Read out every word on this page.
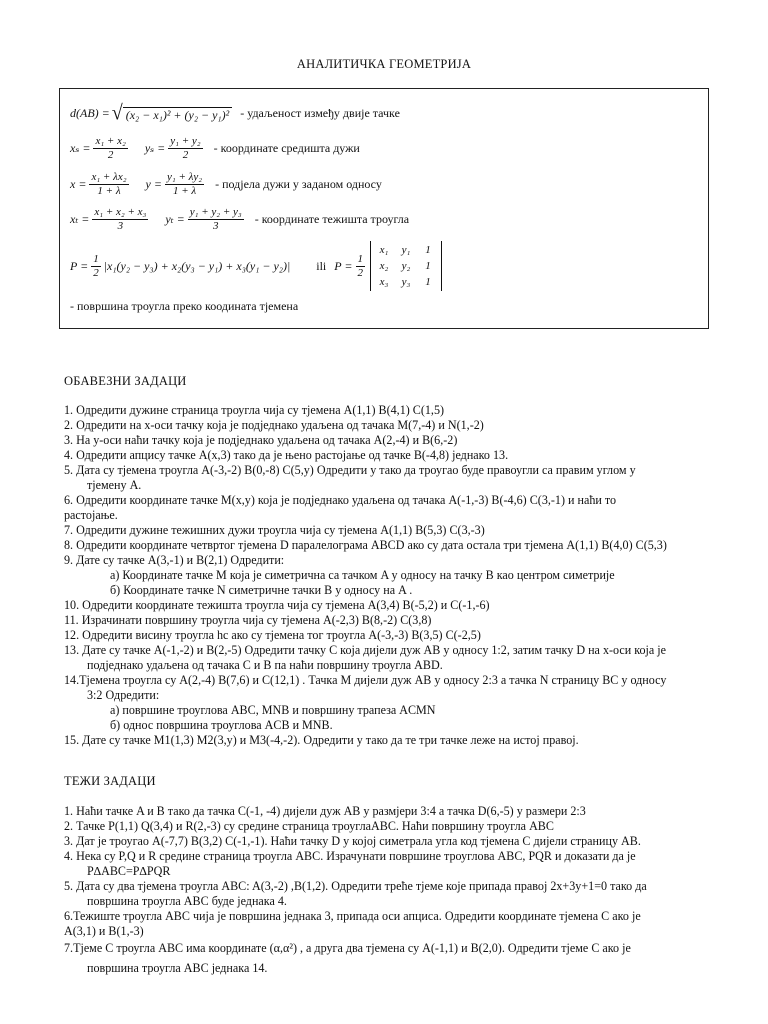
АНАЛИТИЧКА ГЕОМЕТРИЈА
d(AB) = √ (x₂ − x₁)² + (y₂ − y₁)² - удаљеност између двије тачке
$x_s = \frac{\text{x₁ + x₂}}{2}$ $y_s = \frac{\text{y₁ + y₂}}{2}$ - координате средишта дужи
$x = \frac{\text{x₁ + λx₂}}{1 + \lambda}$ $y = \frac{\text{y₁ + λy₂}}{1 + \lambda}$ - подјела дужи у заданом односу
$x_t = \frac{\text{x₁ + x₂ + x₃}}{3}$ $y_t = \frac{\text{y₁ + y₂ + y₃}}{3}$ - координате тежишта троугла
$P = \frac{1}{2} |x_1(y_2 - y_3) + x_2(y_3 - y_1) + x_3(y_1 - y_2)|$ ili $P = \frac{1}{2}$
x₁	y₁	1
x₂	y₂	1
x₃	y₃	1
- површина троугла преко коодината тјемена
ОБАВЕЗНИ ЗАДАЦИ
1. Одредити дужине страница троугла чија су тјемена A(1,1) B(4,1) C(1,5)
2. Одредити на x-оси тачку која је подједнако удаљена од тачака M(7,-4) и N(1,-2)
3. На y-оси наћи тачку која је подједнако удаљена од тачака A(2,-4) и B(6,-2)
4. Одредити апцису тачке A(x,3) тако да је њено растојање од тачке B(-4,8) једнако 13.
5. Дата су тјемена троугла A(-3,-2) B(0,-8) C(5,y) Одредити y тако да троугао буде правоугли са правим углом у
тјемену A.
6. Одредити координате тачке M(x,y) која је подједнако удаљена од тачака A(-1,-3) B(-4,6) C(3,-1) и наћи то
растојање.
7. Одредити дужине тежишних дужи троугла чија су тјемена A(1,1) B(5,3) C(3,-3)
8. Одредити координате четвртог тјемена D паралелограма ABCD ако су дата остала три тјемена A(1,1) B(4,0) C(5,3)
9. Дате су тачке A(3,-1) и B(2,1) Одредити:
а) Координате тачке M која је симетрична са тачком A у односу на тачку B као центром симетрије
б) Координате тачке N симетричне тачки B у односу на A .
10. Одредити координате тежишта троугла чија су тјемена A(3,4) B(-5,2) и C(-1,-6)
11. Израчинати површину троугла чија су тјемена A(-2,3) B(8,-2) C(3,8)
12. Одредити висину троугла hc ако су тјемена тог троугла A(-3,-3) B(3,5) C(-2,5)
13. Дате су тачке A(-1,-2) и B(2,-5) Одредити тачку C која дијели дуж AB у односу 1:2, затим тачку D на x-оси која је
подједнако удаљена од тачака C и B па наћи површину троугла ABD.
14.Тјемена троугла су A(2,-4) B(7,6) и C(12,1) . Тачка M дијели дуж AB у односу 2:3 а тачка N страницу BC у односу
3:2 Одредити:
а) површине троуглова ABC, MNB и површину трапеза ACMN
б) однос површина троуглова ACB и MNB.
15. Дате су тачке M1(1,3) M2(3,y) и M3(-4,-2). Одредити y тако да те три тачке леже на истој правој.
ТЕЖИ ЗАДАЦИ
1. Наћи тачке A и B тако да тачка C(-1, -4) дијели дуж AB у размјери 3:4 а тачка D(6,-5) у размери 2:3
2. Тачке P(1,1) Q(3,4) и R(2,-3) су средине страница троуглаABC. Наћи површину троугла ABC
3. Дат је троугао A(-7,7) B(3,2) C(-1,-1). Наћи тачку D у којој симетрала угла код тјемена C дијели страницу AB.
4. Нека су P,Q и R средине страница троугла ABC. Израчунати површине троуглова ABC, PQR и доказати да је
P∆ABC=P∆PQR
5. Дата су два тјемена троугла ABC: A(3,-2) ,B(1,2). Одредити треће тјеме које припада правој 2x+3y+1=0 тако да
површина троугла ABC буде једнака 4.
6.Тежиште троугла ABC чија је површина једнака 3, припада оси апциса. Одредити координате тјемена C ако је
A(3,1) и B(1,-3)
7.Тјеме C троугла ABC има координате (α,α²) , а друга два тјемена су A(-1,1) и B(2,0). Одредити тјеме C ако је
површина троугла ABC једнака 14.
